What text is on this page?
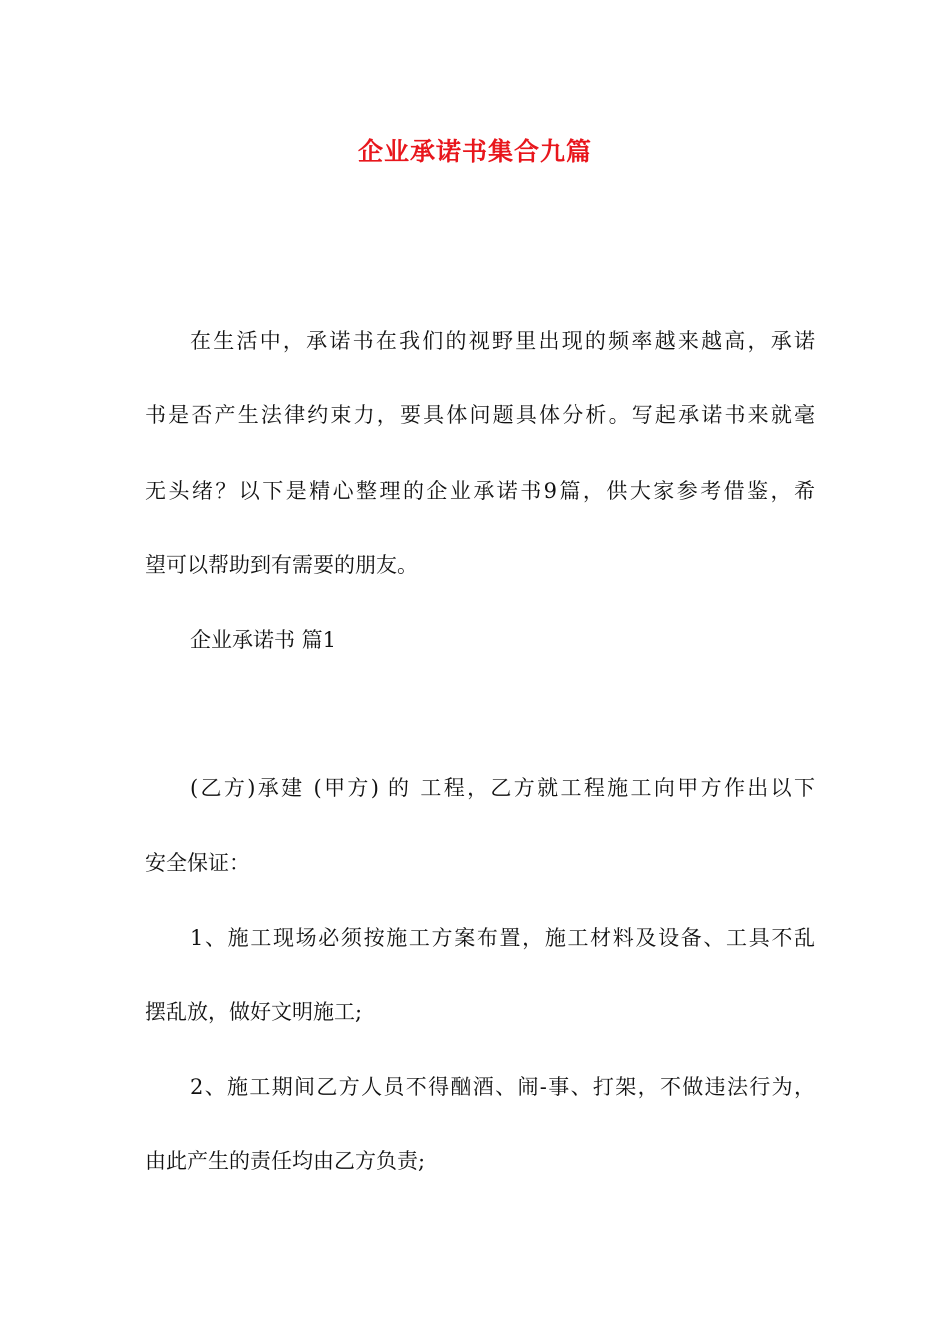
企业承诺书集合九篇

在生活中，承诺书在我们的视野里出现的频率越来越高，承诺

书是否产生法律约束力，要具体问题具体分析。写起承诺书来就毫

无头绪？以下是精心整理的企业承诺书9篇，供大家参考借鉴，希

望可以帮助到有需要的朋友。

企业承诺书 篇1

(乙方)承建 (甲方) 的 工程，乙方就工程施工向甲方作出以下

安全保证：

1、施工现场必须按施工方案布置，施工材料及设备、工具不乱

摆乱放，做好文明施工;

2、施工期间乙方人员不得酗酒、闹-事、打架，不做违法行为，

由此产生的责任均由乙方负责;
